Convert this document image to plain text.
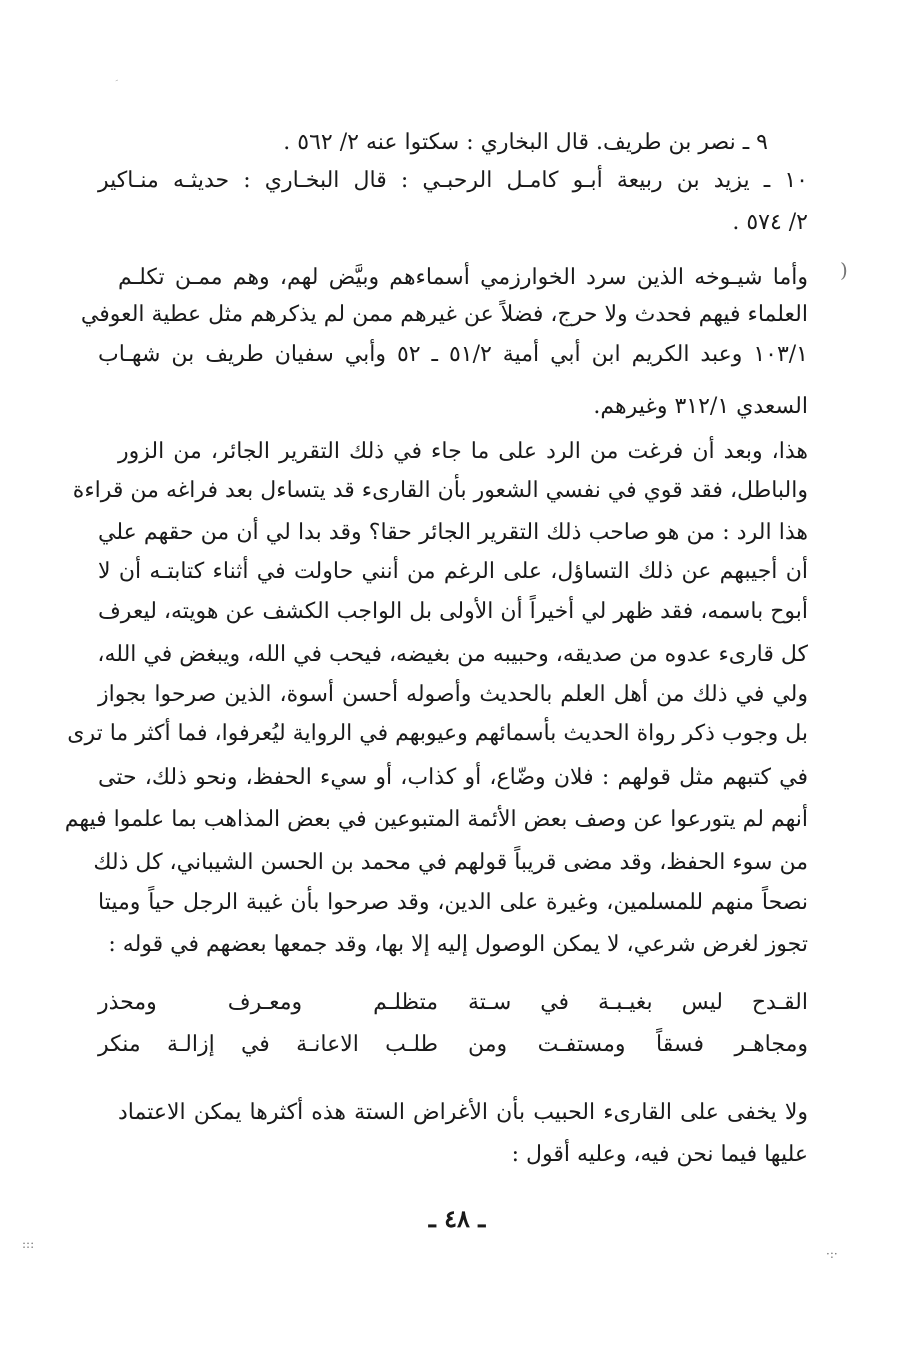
٩ ـ نصر بن طريف. قال البخاري : سكتوا عنه ٢/ ٥٦٢ .
١٠ ـ يزيد بن ربيعة أبـو كامـل الرحبـي : قال البخـاري : حديثـه منـاكير
٢/ ٥٧٤ .
وأما شيـوخه الذين سرد الخوارزمي أسماءهم وبيَّض لهم، وهم ممـن تكلـم
العلماء فيهم فحدث ولا حرج، فضلاً عن غيرهم ممن لم يذكرهم مثل عطية العوفي
١٠٣/١ وعبد الكريم ابن أبي أمية ٥١/٢ ـ ٥٢ وأبي سفيان طريف بن شهـاب
السعدي ٣١٢/١ وغيرهم.
هذا، وبعد أن فرغت من الرد على ما جاء في ذلك التقرير الجائر، من الزور
والباطل، فقد قوي في نفسي الشعور بأن القارىء قد يتساءل بعد فراغه من قراءة
هذا الرد : من هو صاحب ذلك التقرير الجائر حقا؟ وقد بدا لي أن من حقهم علي
أن أجيبهم عن ذلك التساؤل، على الرغم من أنني حاولت في أثناء كتابتـه أن لا
أبوح باسمه، فقد ظهر لي أخيراً أن الأولى بل الواجب الكشف عن هويته، ليعرف
كل قارىء عدوه من صديقه، وحبيبه من بغيضه، فيحب في الله، ويبغض في الله،
ولي في ذلك من أهل العلم بالحديث وأصوله أحسن أسوة، الذين صرحوا بجواز
بل وجوب ذكر رواة الحديث بأسمائهم وعيوبهم في الرواية ليُعرفوا، فما أكثر ما ترى
في كتبهم مثل قولهم : فلان وضّاع، أو كذاب، أو سيء الحفظ، ونحو ذلك، حتى
أنهم لم يتورعوا عن وصف بعض الأئمة المتبوعين في بعض المذاهب بما علموا فيهم
من سوء الحفظ، وقد مضى قريباً قولهم في محمد بن الحسن الشيباني، كل ذلك
نصحاً منهم للمسلمين، وغيرة على الدين، وقد صرحوا بأن غيبة الرجل حياً وميتا
تجوز لغرض شرعي، لا يمكن الوصول إليه إلا بها، وقد جمعها بعضهم في قوله :
القـدح ليس بغيـبـة في سـتة
متظلـم ومعـرف ومحذر
ومجاهـر فسقاً ومستفـت ومن
طلـب الاعانـة في إزالـة منكر
ولا يخفى على القارىء الحبيب بأن الأغراض الستة هذه أكثرها يمكن الاعتماد
عليها فيما نحن فيه، وعليه أقول :
ـ ٤٨ ـ
)
:::
·:·
